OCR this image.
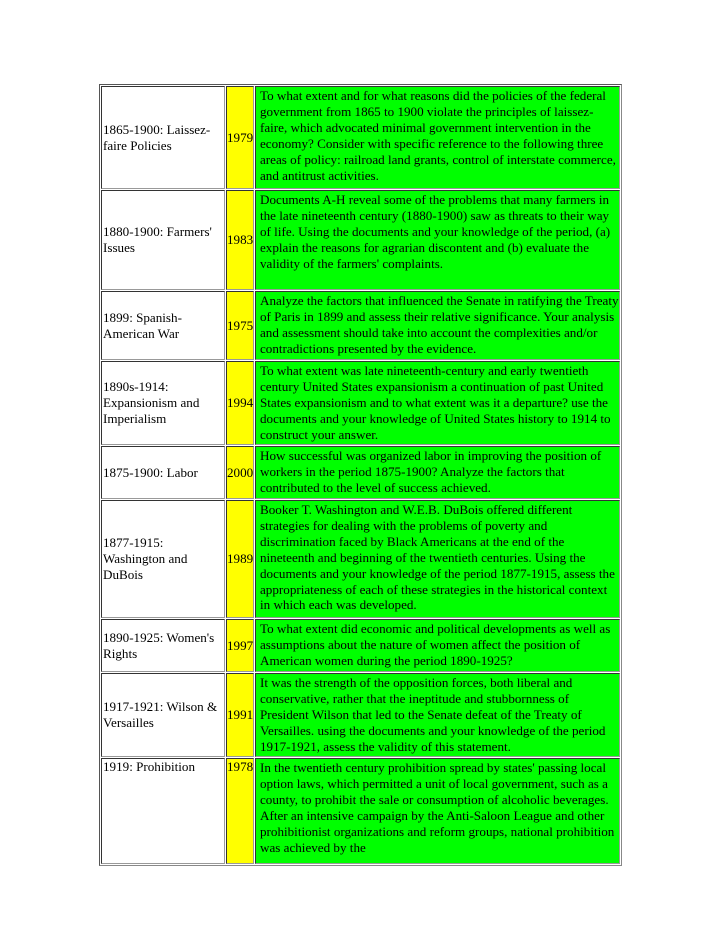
1865-1900: Laissez-faire Policies	1979	To what extent and for what reasons did the policies of the federal government from 1865 to 1900 violate the principles of laissez-faire, which advocated minimal government intervention in the economy? Consider with specific reference to the following three areas of policy: railroad land grants, control of interstate commerce, and antitrust activities.
1880-1900: Farmers' Issues	1983	Documents A-H reveal some of the problems that many farmers in the late nineteenth century (1880-1900) saw as threats to their way of life. Using the documents and your knowledge of the period, (a) explain the reasons for agrarian discontent and (b) evaluate the validity of the farmers' complaints.
1899: Spanish-American War	1975	Analyze the factors that influenced the Senate in ratifying the Treaty of Paris in 1899 and assess their relative significance. Your analysis and assessment should take into account the complexities and/or contradictions presented by the evidence.
1890s-1914: Expansionism and Imperialism	1994	To what extent was late nineteenth-century and early twentieth century United States expansionism a continuation of past United States expansionism and to what extent was it a departure? use the documents and your knowledge of United States history to 1914 to construct your answer.
1875-1900: Labor	2000	How successful was organized labor in improving the position of workers in the period 1875-1900? Analyze the factors that contributed to the level of success achieved.
1877-1915: Washington and DuBois	1989	Booker T. Washington and W.E.B. DuBois offered different strategies for dealing with the problems of poverty and discrimination faced by Black Americans at the end of the nineteenth and beginning of the twentieth centuries. Using the documents and your knowledge of the period 1877-1915, assess the appropriateness of each of these strategies in the historical context in which each was developed.
1890-1925: Women's Rights	1997	To what extent did economic and political developments as well as assumptions about the nature of women affect the position of American women during the period 1890-1925?
1917-1921: Wilson & Versailles	1991	It was the strength of the opposition forces, both liberal and conservative, rather that the ineptitude and stubbornness of President Wilson that led to the Senate defeat of the Treaty of Versailles. using the documents and your knowledge of the period 1917-1921, assess the validity of this statement.
1919: Prohibition	1978	In the twentieth century prohibition spread by states' passing local option laws, which permitted a unit of local government, such as a county, to prohibit the sale or consumption of alcoholic beverages. After an intensive campaign by the Anti-Saloon League and other prohibitionist organizations and reform groups, national prohibition was achieved by the
